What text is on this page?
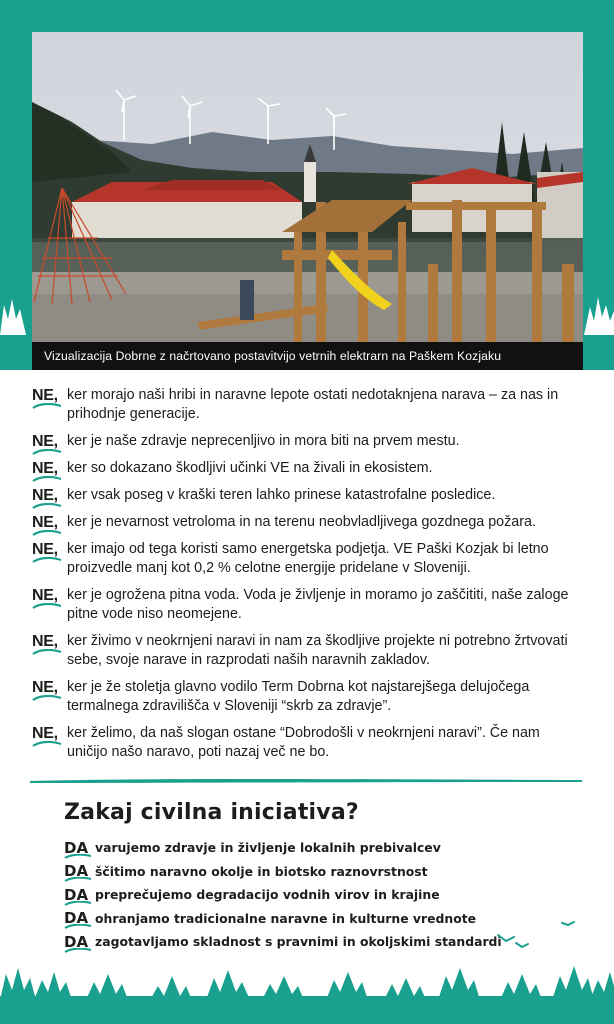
Vizualizacija Dobrne z načrtovano postavitvijo vetrnih elektrarn na Paškem Kozjaku
NE, ker morajo naši hribi in naravne lepote ostati nedotaknjena narava – za nas in prihodnje generacije.
NE, ker je naše zdravje neprecenljivo in mora biti na prvem mestu.
NE, ker so dokazano škodljivi učinki VE na živali in ekosistem.
NE, ker vsak poseg v kraški teren lahko prinese katastrofalne posledice.
NE, ker je nevarnost vetroloma in na terenu neobvladljivega gozdnega požara.
NE, ker imajo od tega koristi samo energetska podjetja. VE Paški Kozjak bi letno proizvedle manj kot 0,2 % celotne energije pridelane v Sloveniji.
NE, ker je ogrožena pitna voda. Voda je življenje in moramo jo zaščititi, naše zaloge pitne vode niso neomejene.
NE, ker živimo v neokrnjeni naravi in nam za škodljive projekte ni potrebno žrtvovati sebe, svoje narave in razprodati naših naravnih zakladov.
NE, ker je že stoletja glavno vodilo Term Dobrna kot najstarejšega delujočega termalnega zdravilišča v Sloveniji “skrb za zdravje”.
NE, ker želimo, da naš slogan ostane “Dobrodošli v neokrnjeni naravi”. Če nam uničijo našo naravo, poti nazaj več ne bo.
Zakaj civilna iniciativa?
DA varujemo zdravje in življenje lokalnih prebivalcev
DA ščitimo naravno okolje in biotsko raznovrstnost
DA preprečujemo degradacijo vodnih virov in krajine
DA ohranjamo tradicionalne naravne in kulturne vrednote
DA zagotavljamo skladnost s pravnimi in okoljskimi standardi
